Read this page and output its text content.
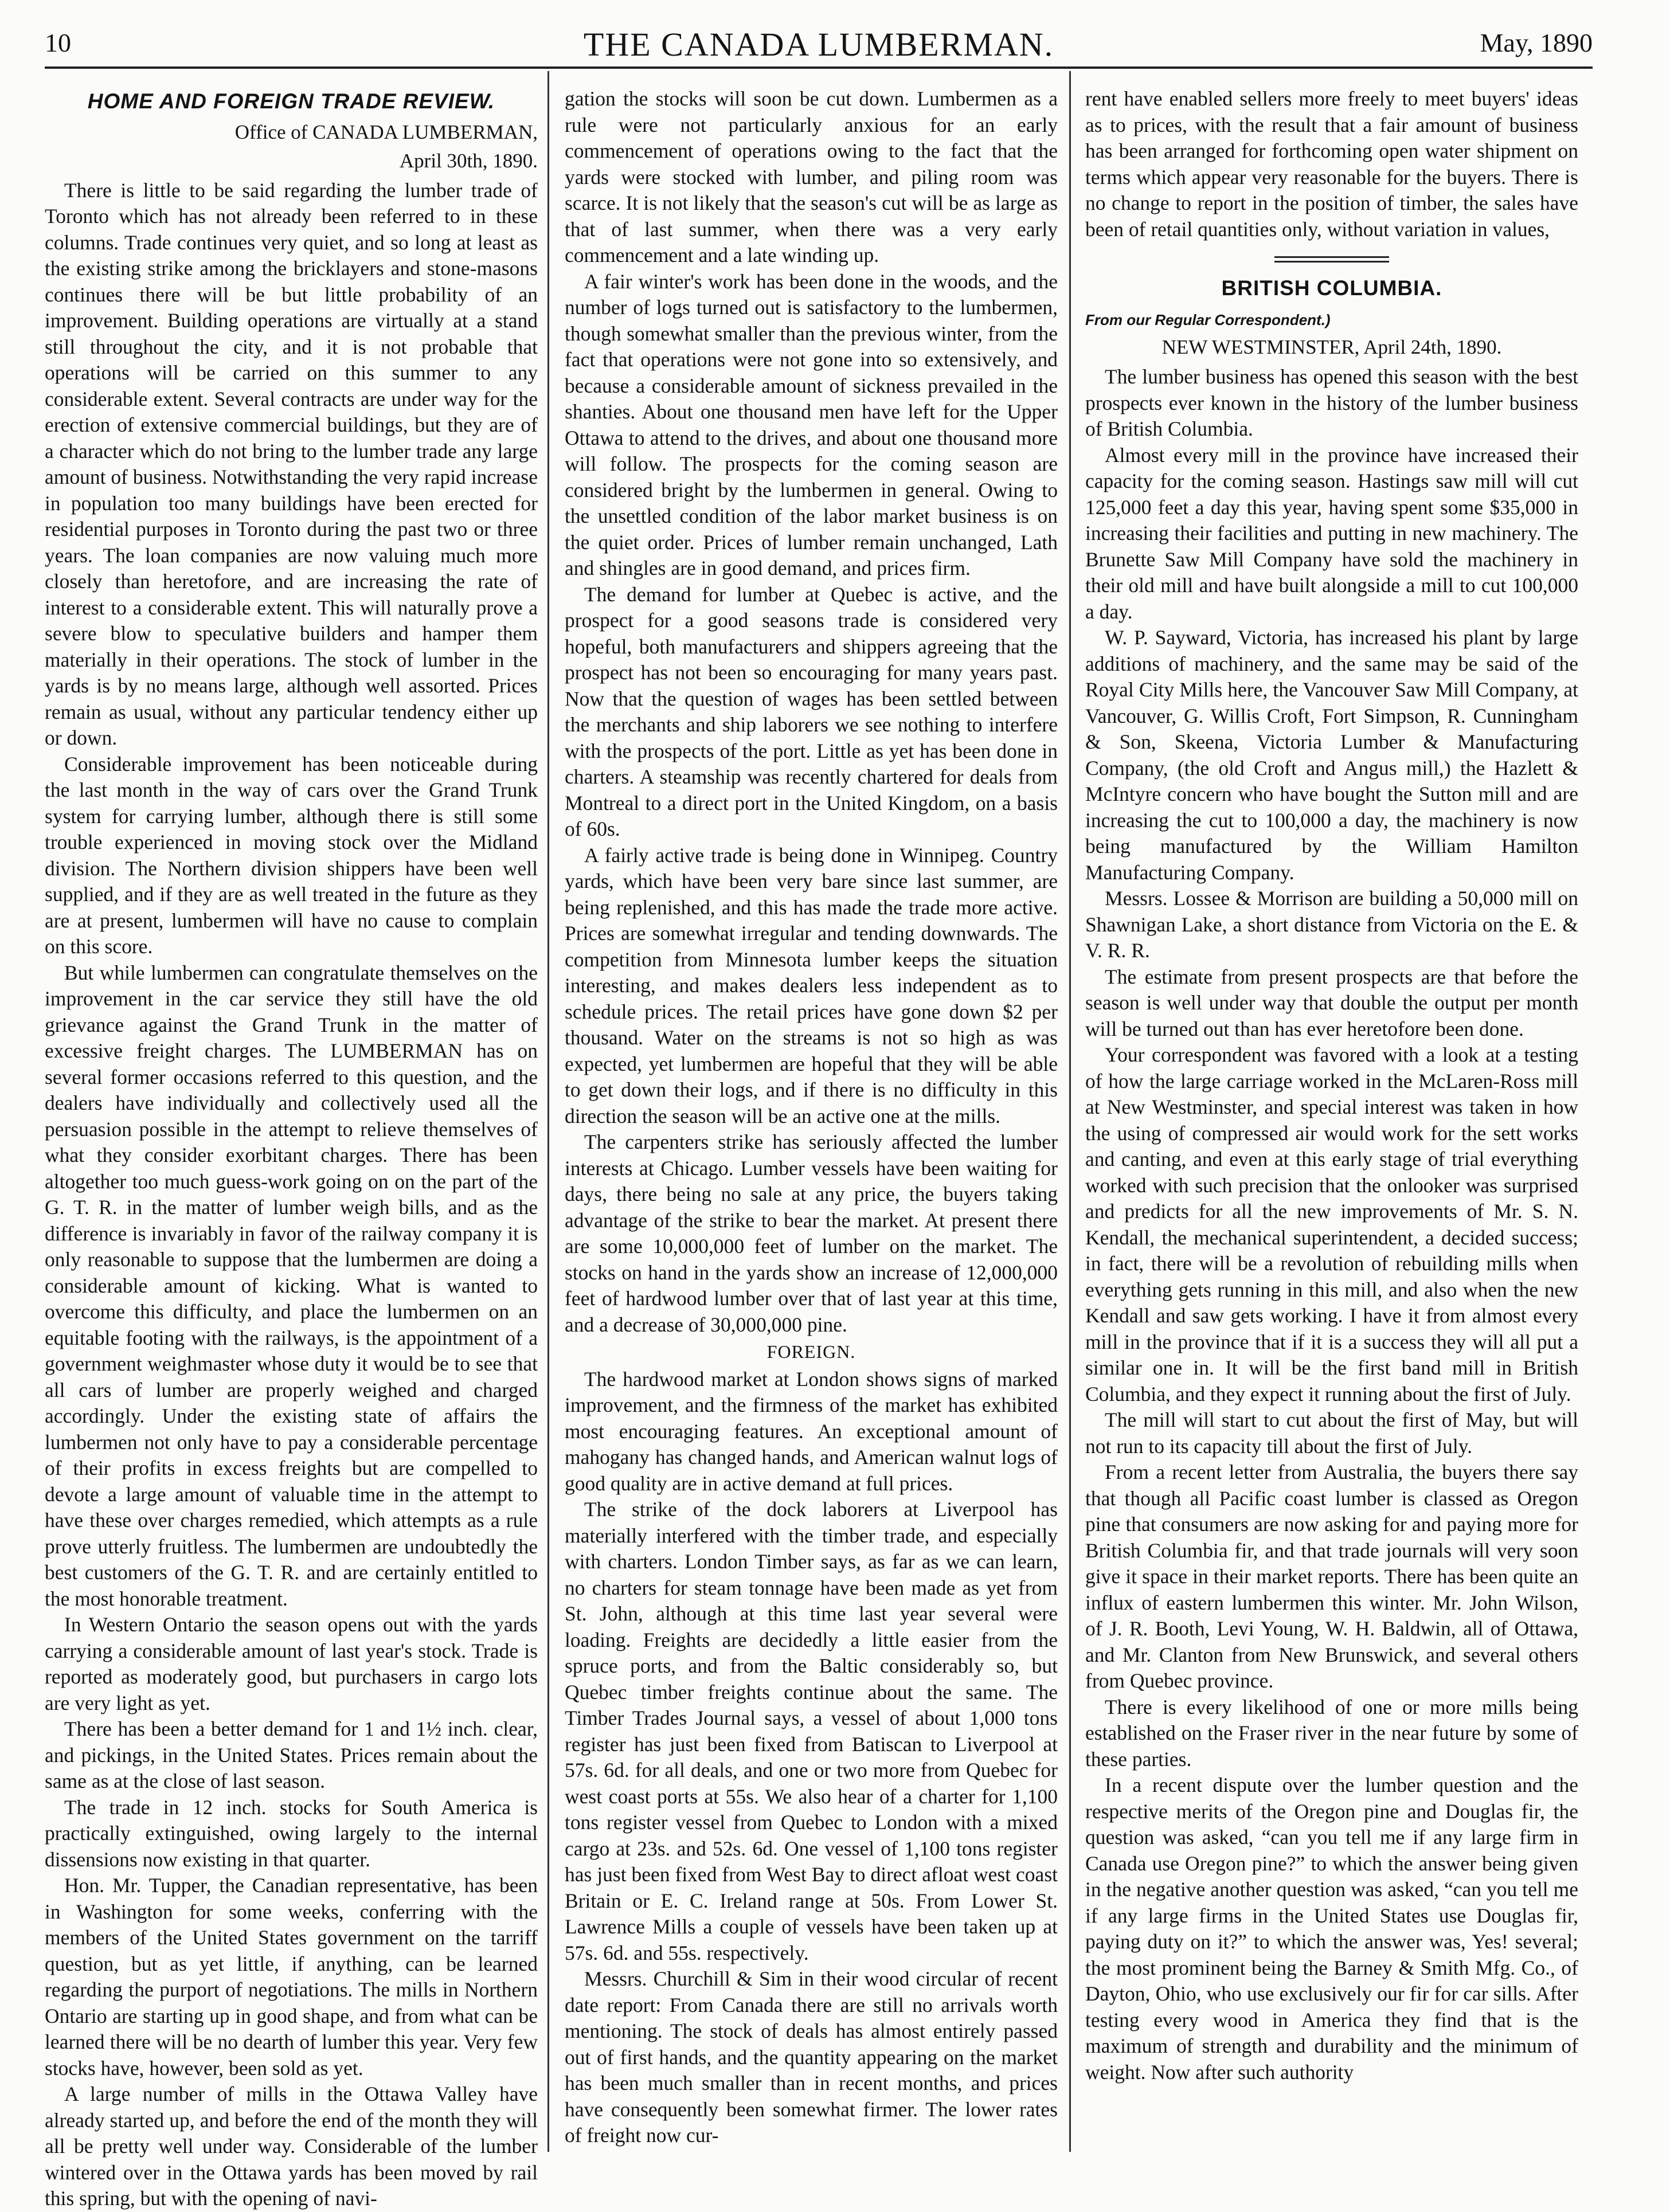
10	THE CANADA LUMBERMAN.	May, 1890
HOME AND FOREIGN TRADE REVIEW.
Office of CANADA LUMBERMAN,
April 30th, 1890.

There is little to be said regarding the lumber trade of Toronto which has not already been referred to in these columns. Trade continues very quiet, and so long at least as the existing strike among the bricklayers and stone-masons continues there will be but little probability of an improvement. Building operations are virtually at a stand still throughout the city, and it is not probable that operations will be carried on this summer to any considerable extent. Several contracts are under way for the erection of extensive commercial buildings, but they are of a character which do not bring to the lumber trade any large amount of business. Notwithstanding the very rapid increase in population too many buildings have been erected for residential purposes in Toronto during the past two or three years. The loan companies are now valuing much more closely than heretofore, and are increasing the rate of interest to a considerable extent. This will naturally prove a severe blow to speculative builders and hamper them materially in their operations. The stock of lumber in the yards is by no means large, although well assorted. Prices remain as usual, without any particular tendency either up or down.

Considerable improvement has been noticeable during the last month in the way of cars over the Grand Trunk system for carrying lumber, although there is still some trouble experienced in moving stock over the Midland division. The Northern division shippers have been well supplied, and if they are as well treated in the future as they are at present, lumbermen will have no cause to complain on this score.

But while lumbermen can congratulate themselves on the improvement in the car service they still have the old grievance against the Grand Trunk in the matter of excessive freight charges. The LUMBERMAN has on several former occasions referred to this question, and the dealers have individually and collectively used all the persuasion possible in the attempt to relieve themselves of what they consider exorbitant charges. There has been altogether too much guess-work going on on the part of the G. T. R. in the matter of lumber weigh bills, and as the difference is invariably in favor of the railway company it is only reasonable to suppose that the lumbermen are doing a considerable amount of kicking. What is wanted to overcome this difficulty, and place the lumbermen on an equitable footing with the railways, is the appointment of a government weighmaster whose duty it would be to see that all cars of lumber are properly weighed and charged accordingly. Under the existing state of affairs the lumbermen not only have to pay a considerable percentage of their profits in excess freights but are compelled to devote a large amount of valuable time in the attempt to have these over charges remedied, which attempts as a rule prove utterly fruitless. The lumbermen are undoubtedly the best customers of the G. T. R. and are certainly entitled to the most honorable treatment.

In Western Ontario the season opens out with the yards carrying a considerable amount of last year's stock. Trade is reported as moderately good, but purchasers in cargo lots are very light as yet.

There has been a better demand for 1 and 1½ inch. clear, and pickings, in the United States. Prices remain about the same as at the close of last season.

The trade in 12 inch. stocks for South America is practically extinguished, owing largely to the internal dissensions now existing in that quarter.

Hon. Mr. Tupper, the Canadian representative, has been in Washington for some weeks, conferring with the members of the United States government on the tarriff question, but as yet little, if anything, can be learned regarding the purport of negotiations. The mills in Northern Ontario are starting up in good shape, and from what can be learned there will be no dearth of lumber this year. Very few stocks have, however, been sold as yet.

A large number of mills in the Ottawa Valley have already started up, and before the end of the month they will all be pretty well under way. Considerable of the lumber wintered over in the Ottawa yards has been moved by rail this spring, but with the opening of navi-

gation the stocks will soon be cut down. Lumbermen as a rule were not particularly anxious for an early commencement of operations owing to the fact that the yards were stocked with lumber, and piling room was scarce. It is not likely that the season's cut will be as large as that of last summer, when there was a very early commencement and a late winding up.

A fair winter's work has been done in the woods, and the number of logs turned out is satisfactory to the lumbermen, though somewhat smaller than the previous winter, from the fact that operations were not gone into so extensively, and because a considerable amount of sickness prevailed in the shanties. About one thousand men have left for the Upper Ottawa to attend to the drives, and about one thousand more will follow. The prospects for the coming season are considered bright by the lumbermen in general. Owing to the unsettled condition of the labor market business is on the quiet order. Prices of lumber remain unchanged, Lath and shingles are in good demand, and prices firm.

The demand for lumber at Quebec is active, and the prospect for a good seasons trade is considered very hopeful, both manufacturers and shippers agreeing that the prospect has not been so encouraging for many years past. Now that the question of wages has been settled between the merchants and ship laborers we see nothing to interfere with the prospects of the port. Little as yet has been done in charters. A steamship was recently chartered for deals from Montreal to a direct port in the United Kingdom, on a basis of 60s.

A fairly active trade is being done in Winnipeg. Country yards, which have been very bare since last summer, are being replenished, and this has made the trade more active. Prices are somewhat irregular and tending downwards. The competition from Minnesota lumber keeps the situation interesting, and makes dealers less independent as to schedule prices. The retail prices have gone down $2 per thousand. Water on the streams is not so high as was expected, yet lumbermen are hopeful that they will be able to get down their logs, and if there is no difficulty in this direction the season will be an active one at the mills.

The carpenters strike has seriously affected the lumber interests at Chicago. Lumber vessels have been waiting for days, there being no sale at any price, the buyers taking advantage of the strike to bear the market. At present there are some 10,000,000 feet of lumber on the market. The stocks on hand in the yards show an increase of 12,000,000 feet of hardwood lumber over that of last year at this time, and a decrease of 30,000,000 pine.

FOREIGN.

The hardwood market at London shows signs of marked improvement, and the firmness of the market has exhibited most encouraging features. An exceptional amount of mahogany has changed hands, and American walnut logs of good quality are in active demand at full prices.

The strike of the dock laborers at Liverpool has materially interfered with the timber trade, and especially with charters. London Timber says, as far as we can learn, no charters for steam tonnage have been made as yet from St. John, although at this time last year several were loading. Freights are decidedly a little easier from the spruce ports, and from the Baltic considerably so, but Quebec timber freights continue about the same. The Timber Trades Journal says, a vessel of about 1,000 tons register has just been fixed from Batiscan to Liverpool at 57s. 6d. for all deals, and one or two more from Quebec for west coast ports at 55s. We also hear of a charter for 1,100 tons register vessel from Quebec to London with a mixed cargo at 23s. and 52s. 6d. One vessel of 1,100 tons register has just been fixed from West Bay to direct afloat west coast Britain or E. C. Ireland range at 50s. From Lower St. Lawrence Mills a couple of vessels have been taken up at 57s. 6d. and 55s. respectively.

Messrs. Churchill & Sim in their wood circular of recent date report: From Canada there are still no arrivals worth mentioning. The stock of deals has almost entirely passed out of first hands, and the quantity appearing on the market has been much smaller than in recent months, and prices have consequently been somewhat firmer. The lower rates of freight now cur-

rent have enabled sellers more freely to meet buyers' ideas as to prices, with the result that a fair amount of business has been arranged for forthcoming open water shipment on terms which appear very reasonable for the buyers. There is no change to report in the position of timber, the sales have been of retail quantities only, without variation in values,

BRITISH COLUMBIA.
From our Regular Correspondent.)
NEW WESTMINSTER, April 24th, 1890.

The lumber business has opened this season with the best prospects ever known in the history of the lumber business of British Columbia.

Almost every mill in the province have increased their capacity for the coming season. Hastings saw mill will cut 125,000 feet a day this year, having spent some $35,000 in increasing their facilities and putting in new machinery. The Brunette Saw Mill Company have sold the machinery in their old mill and have built alongside a mill to cut 100,000 a day.

W. P. Sayward, Victoria, has increased his plant by large additions of machinery, and the same may be said of the Royal City Mills here, the Vancouver Saw Mill Company, at Vancouver, G. Willis Croft, Fort Simpson, R. Cunningham & Son, Skeena, Victoria Lumber & Manufacturing Company, (the old Croft and Angus mill,) the Hazlett & McIntyre concern who have bought the Sutton mill and are increasing the cut to 100,000 a day, the machinery is now being manufactured by the William Hamilton Manufacturing Company.

Messrs. Lossee & Morrison are building a 50,000 mill on Shawnigan Lake, a short distance from Victoria on the E. & V. R. R.

The estimate from present prospects are that before the season is well under way that double the output per month will be turned out than has ever heretofore been done.

Your correspondent was favored with a look at a testing of how the large carriage worked in the McLaren-Ross mill at New Westminster, and special interest was taken in how the using of compressed air would work for the sett works and canting, and even at this early stage of trial everything worked with such precision that the onlooker was surprised and predicts for all the new improvements of Mr. S. N. Kendall, the mechanical superintendent, a decided success; in fact, there will be a revolution of rebuilding mills when everything gets running in this mill, and also when the new Kendall and saw gets working. I have it from almost every mill in the province that if it is a success they will all put a similar one in. It will be the first band mill in British Columbia, and they expect it running about the first of July.

The mill will start to cut about the first of May, but will not run to its capacity till about the first of July.

From a recent letter from Australia, the buyers there say that though all Pacific coast lumber is classed as Oregon pine that consumers are now asking for and paying more for British Columbia fir, and that trade journals will very soon give it space in their market reports. There has been quite an influx of eastern lumbermen this winter. Mr. John Wilson, of J. R. Booth, Levi Young, W. H. Baldwin, all of Ottawa, and Mr. Clanton from New Brunswick, and several others from Quebec province.

There is every likelihood of one or more mills being established on the Fraser river in the near future by some of these parties.

In a recent dispute over the lumber question and the respective merits of the Oregon pine and Douglas fir, the question was asked, “can you tell me if any large firm in Canada use Oregon pine?” to which the answer being given in the negative another question was asked, “can you tell me if any large firms in the United States use Douglas fir, paying duty on it?” to which the answer was, Yes! several; the most prominent being the Barney & Smith Mfg. Co., of Dayton, Ohio, who use exclusively our fir for car sills. After testing every wood in America they find that is the maximum of strength and durability and the minimum of weight. Now after such authority
